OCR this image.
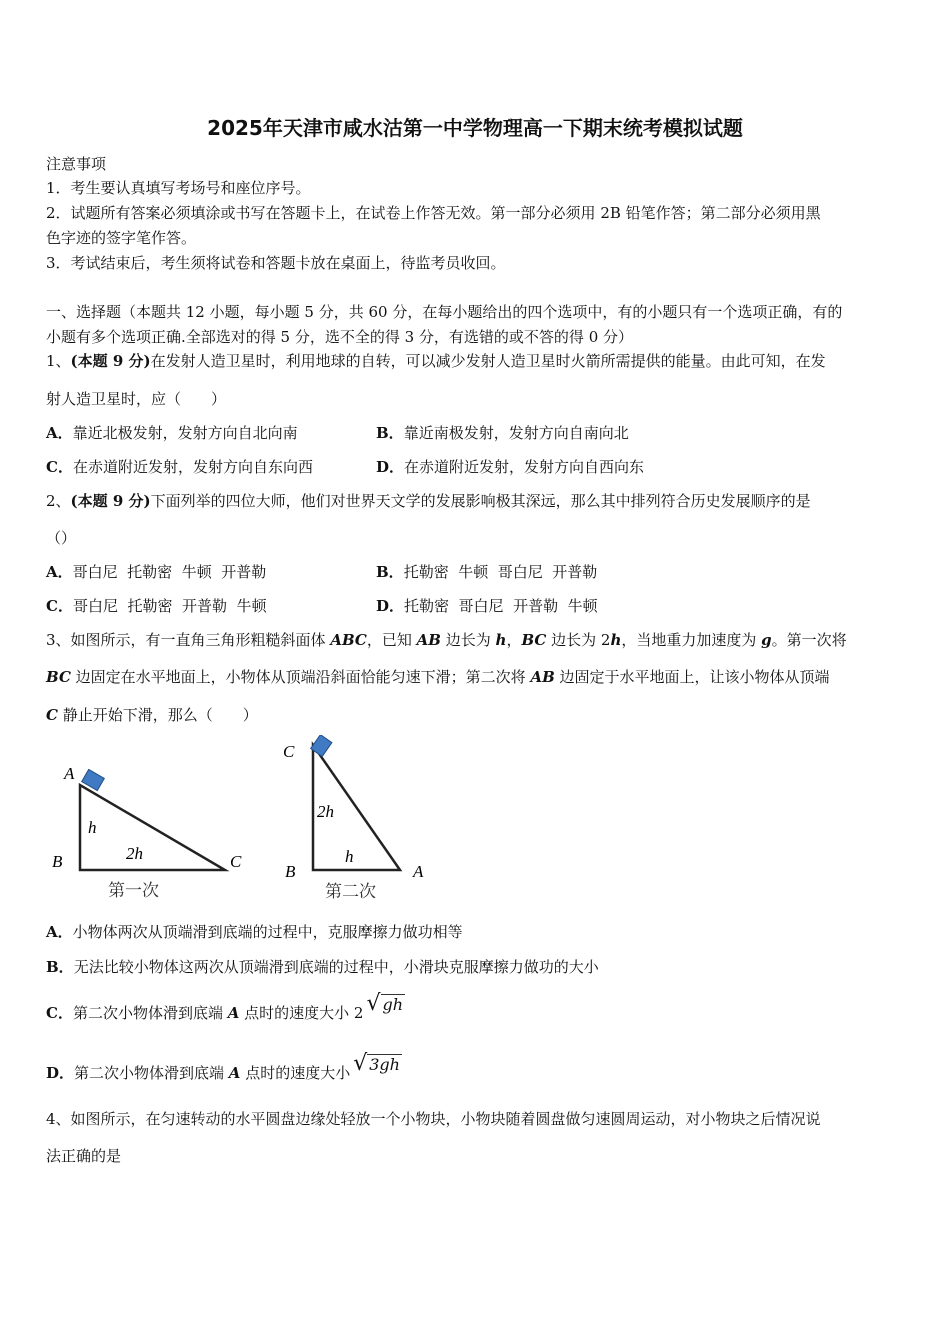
2025年天津市咸水沽第一中学物理高一下期末统考模拟试题
注意事项
1．考生要认真填写考场号和座位序号。
2．试题所有答案必须填涂或书写在答题卡上，在试卷上作答无效。第一部分必须用 2B 铅笔作答；第二部分必须用黑
色字迹的签字笔作答。
3．考试结束后，考生须将试卷和答题卡放在桌面上，待监考员收回。
一、选择题（本题共 12 小题，每小题 5 分，共 60 分，在每小题给出的四个选项中，有的小题只有一个选项正确，有的
小题有多个选项正确.全部选对的得 5 分，选不全的得 3 分，有选错的或不答的得 0 分）
1、(本题 9 分)在发射人造卫星时，利用地球的自转，可以减少发射人造卫星时火箭所需提供的能量。由此可知，在发
射人造卫星时，应（　　）
A．靠近北极发射，发射方向自北向南	B．靠近南极发射，发射方向自南向北
C．在赤道附近发射，发射方向自东向西	D．在赤道附近发射，发射方向自西向东
2、(本题 9 分)下面列举的四位大师，他们对世界天文学的发展影响极其深远，那么其中排列符合历史发展顺序的是
（）
A．哥白尼  托勒密  牛顿  开普勒	B．托勒密  牛顿  哥白尼  开普勒
C．哥白尼  托勒密  开普勒  牛顿	D．托勒密  哥白尼  开普勒  牛顿
3、如图所示，有一直角三角形粗糙斜面体 ABC，已知 AB 边长为 h，BC 边长为 2h，当地重力加速度为 g。第一次将
BC 边固定在水平地面上，小物体从顶端沿斜面恰能匀速下滑；第二次将 AB 边固定于水平地面上，让该小物体从顶端
C 静止开始下滑，那么（　　）
A
B	C
h
2h
第一次
C
B	A
2h
h
第二次
A．小物体两次从顶端滑到底端的过程中，克服摩擦力做功相等
B．无法比较小物体这两次从顶端滑到底端的过程中，小滑块克服摩擦力做功的大小
C．第二次小物体滑到底端 A 点时的速度大小 2 √ gh
D．第二次小物体滑到底端 A 点时的速度大小 √ 3gh
4、如图所示，在匀速转动的水平圆盘边缘处轻放一个小物块，小物块随着圆盘做匀速圆周运动，对小物块之后情况说
法正确的是
